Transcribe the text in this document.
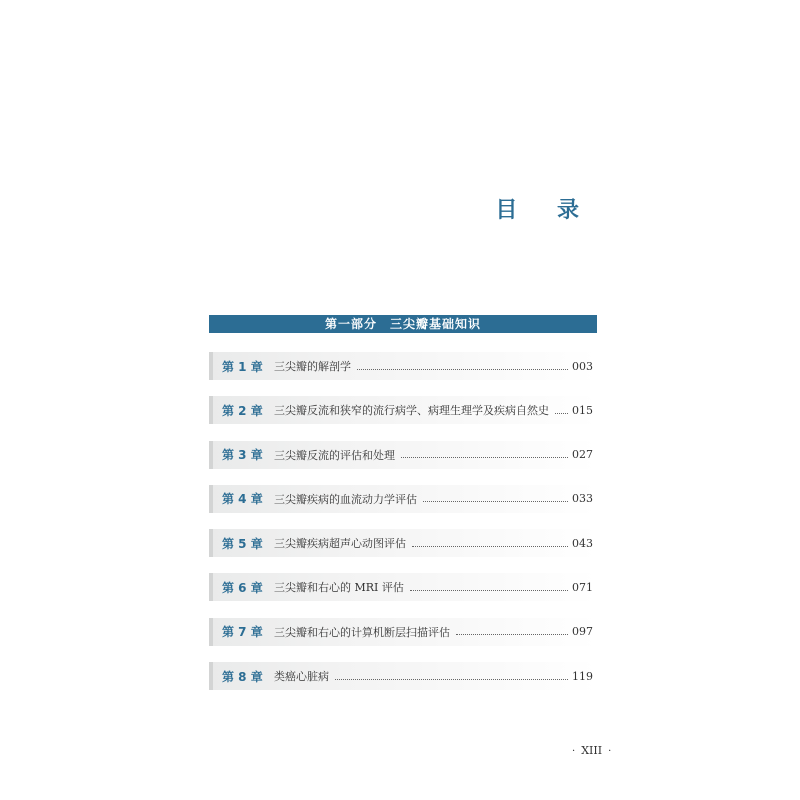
目 录
第一部分　三尖瓣基础知识
第 1 章	三尖瓣的解剖学	003
第 2 章	三尖瓣反流和狭窄的流行病学、病理生理学及疾病自然史	015
第 3 章	三尖瓣反流的评估和处理	027
第 4 章	三尖瓣疾病的血流动力学评估	033
第 5 章	三尖瓣疾病超声心动图评估	043
第 6 章	三尖瓣和右心的 MRI 评估	071
第 7 章	三尖瓣和右心的计算机断层扫描评估	097
第 8 章	类癌心脏病	119
· XIII ·
